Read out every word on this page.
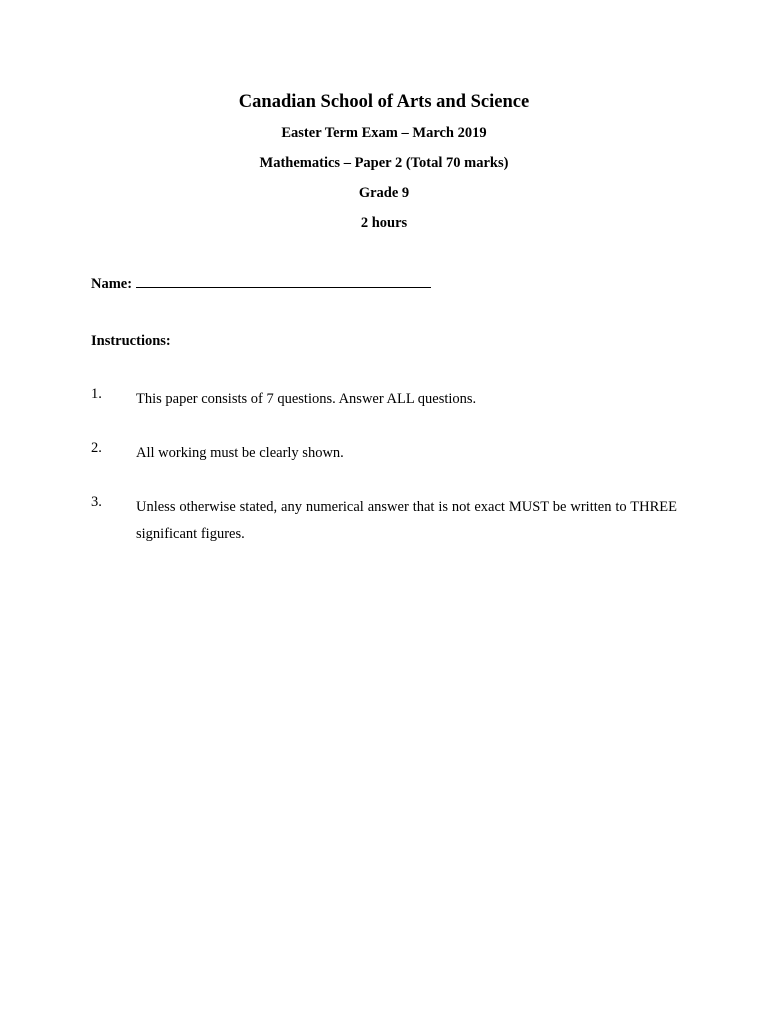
Canadian School of Arts and Science
Easter Term Exam – March 2019
Mathematics – Paper 2 (Total 70 marks)
Grade 9
2 hours
Name:
Instructions:
1.	This paper consists of 7 questions. Answer ALL questions.
2.	All working must be clearly shown.
3.	Unless otherwise stated, any numerical answer that is not exact MUST be written to THREE significant figures.
